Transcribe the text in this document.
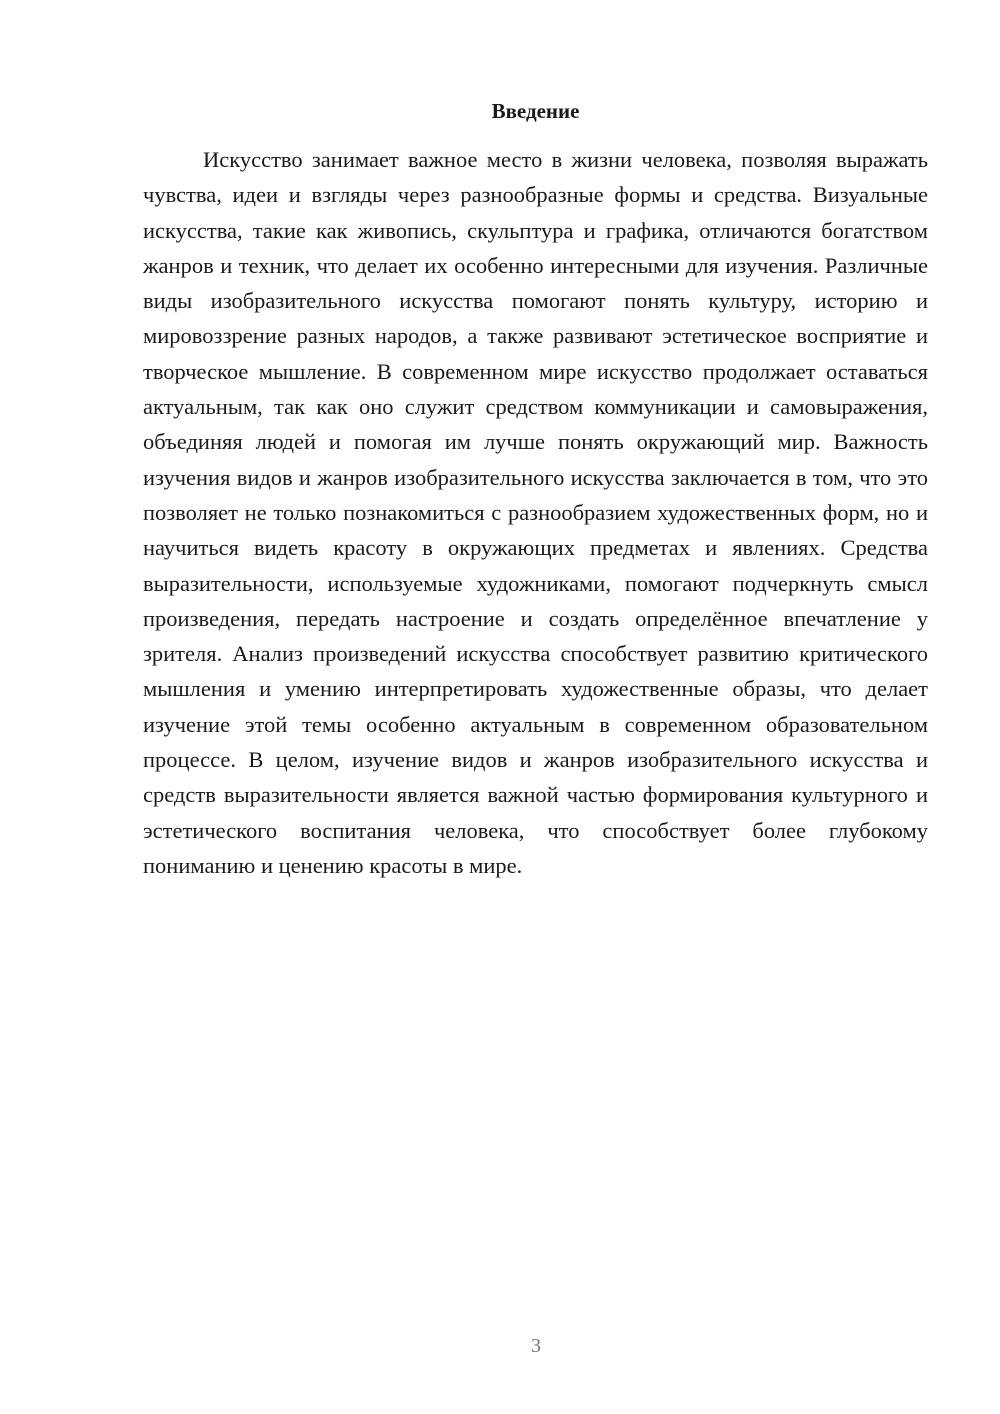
Введение

Искусство занимает важное место в жизни человека, позволяя выражать чувства, идеи и взгляды через разнообразные формы и средства. Визуальные искусства, такие как живопись, скульптура и графика, отличаются богатством жанров и техник, что делает их особенно интересными для изучения. Различные виды изобразительного искусства помогают понять культуру, историю и мировоззрение разных народов, а также развивают эстетическое восприятие и творческое мышление. В современном мире искусство продолжает оставаться актуальным, так как оно служит средством коммуникации и самовыражения, объединяя людей и помогая им лучше понять окружающий мир. Важность изучения видов и жанров изобразительного искусства заключается в том, что это позволяет не только познакомиться с разнообразием художественных форм, но и научиться видеть красоту в окружающих предметах и явлениях. Средства выразительности, используемые художниками, помогают подчеркнуть смысл произведения, передать настроение и создать определённое впечатление у зрителя. Анализ произведений искусства способствует развитию критического мышления и умению интерпретировать художественные образы, что делает изучение этой темы особенно актуальным в современном образовательном процессе. В целом, изучение видов и жанров изобразительного искусства и средств выразительности является важной частью формирования культурного и эстетического воспитания человека, что способствует более глубокому пониманию и ценению красоты в мире.

3
